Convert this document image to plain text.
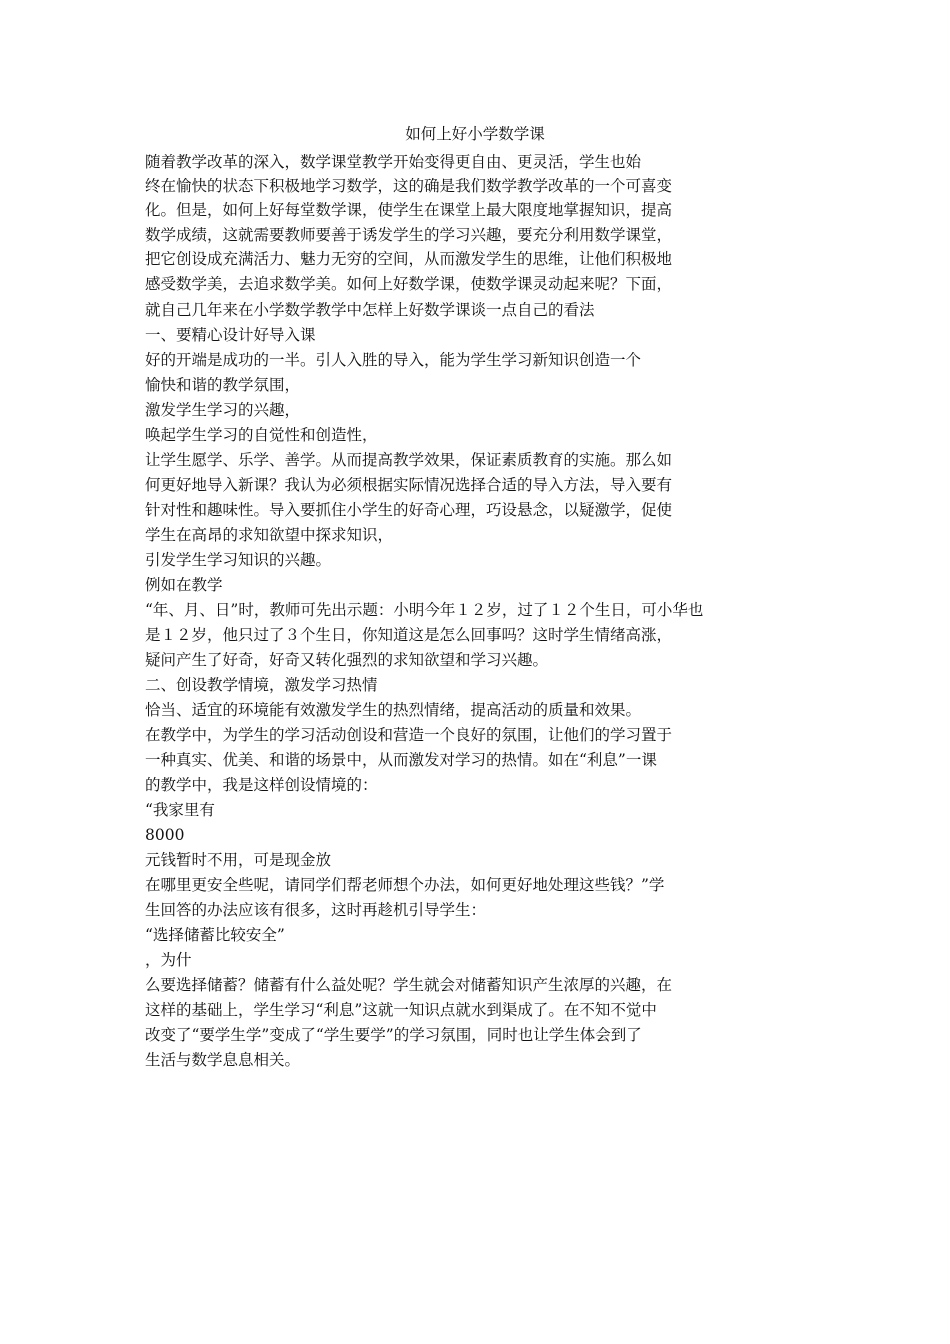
如何上好小学数学课
随着教学改革的深入，数学课堂教学开始变得更自由、更灵活，学生也始
终在愉快的状态下积极地学习数学，这的确是我们数学教学改革的一个可喜变
化。但是，如何上好每堂数学课，使学生在课堂上最大限度地掌握知识，提高
数学成绩，这就需要教师要善于诱发学生的学习兴趣，要充分利用数学课堂，
把它创设成充满活力、魅力无穷的空间，从而激发学生的思维，让他们积极地
感受数学美，去追求数学美。如何上好数学课，使数学课灵动起来呢？下面，
就自己几年来在小学数学教学中怎样上好数学课谈一点自己的看法
一、要精心设计好导入课
好的开端是成功的一半。引人入胜的导入，能为学生学习新知识创造一个
愉快和谐的教学氛围，
激发学生学习的兴趣，
唤起学生学习的自觉性和创造性，
让学生愿学、乐学、善学。从而提高教学效果，保证素质教育的实施。那么如
何更好地导入新课？我认为必须根据实际情况选择合适的导入方法，导入要有
针对性和趣味性。导入要抓住小学生的好奇心理，巧设悬念，以疑激学，促使
学生在高昂的求知欲望中探求知识，
引发学生学习知识的兴趣。
例如在教学
“年、月、日”时，教师可先出示题：小明今年１２岁，过了１２个生日，可小华也
是１２岁，他只过了３个生日，你知道这是怎么回事吗？这时学生情绪高涨，
疑问产生了好奇，好奇又转化强烈的求知欲望和学习兴趣。
二、创设教学情境，激发学习热情
恰当、适宜的环境能有效激发学生的热烈情绪，提高活动的质量和效果。
在教学中，为学生的学习活动创设和营造一个良好的氛围，让他们的学习置于
一种真实、优美、和谐的场景中，从而激发对学习的热情。如在“利息”一课
的教学中，我是这样创设情境的：
“我家里有
8000
元钱暂时不用，可是现金放
在哪里更安全些呢，请同学们帮老师想个办法，如何更好地处理这些钱？”学
生回答的办法应该有很多，这时再趁机引导学生：
“选择储蓄比较安全”
，为什
么要选择储蓄？储蓄有什么益处呢？学生就会对储蓄知识产生浓厚的兴趣，在
这样的基础上，学生学习“利息”这就一知识点就水到渠成了。在不知不觉中
改变了“要学生学”变成了“学生要学”的学习氛围，同时也让学生体会到了
生活与数学息息相关。
